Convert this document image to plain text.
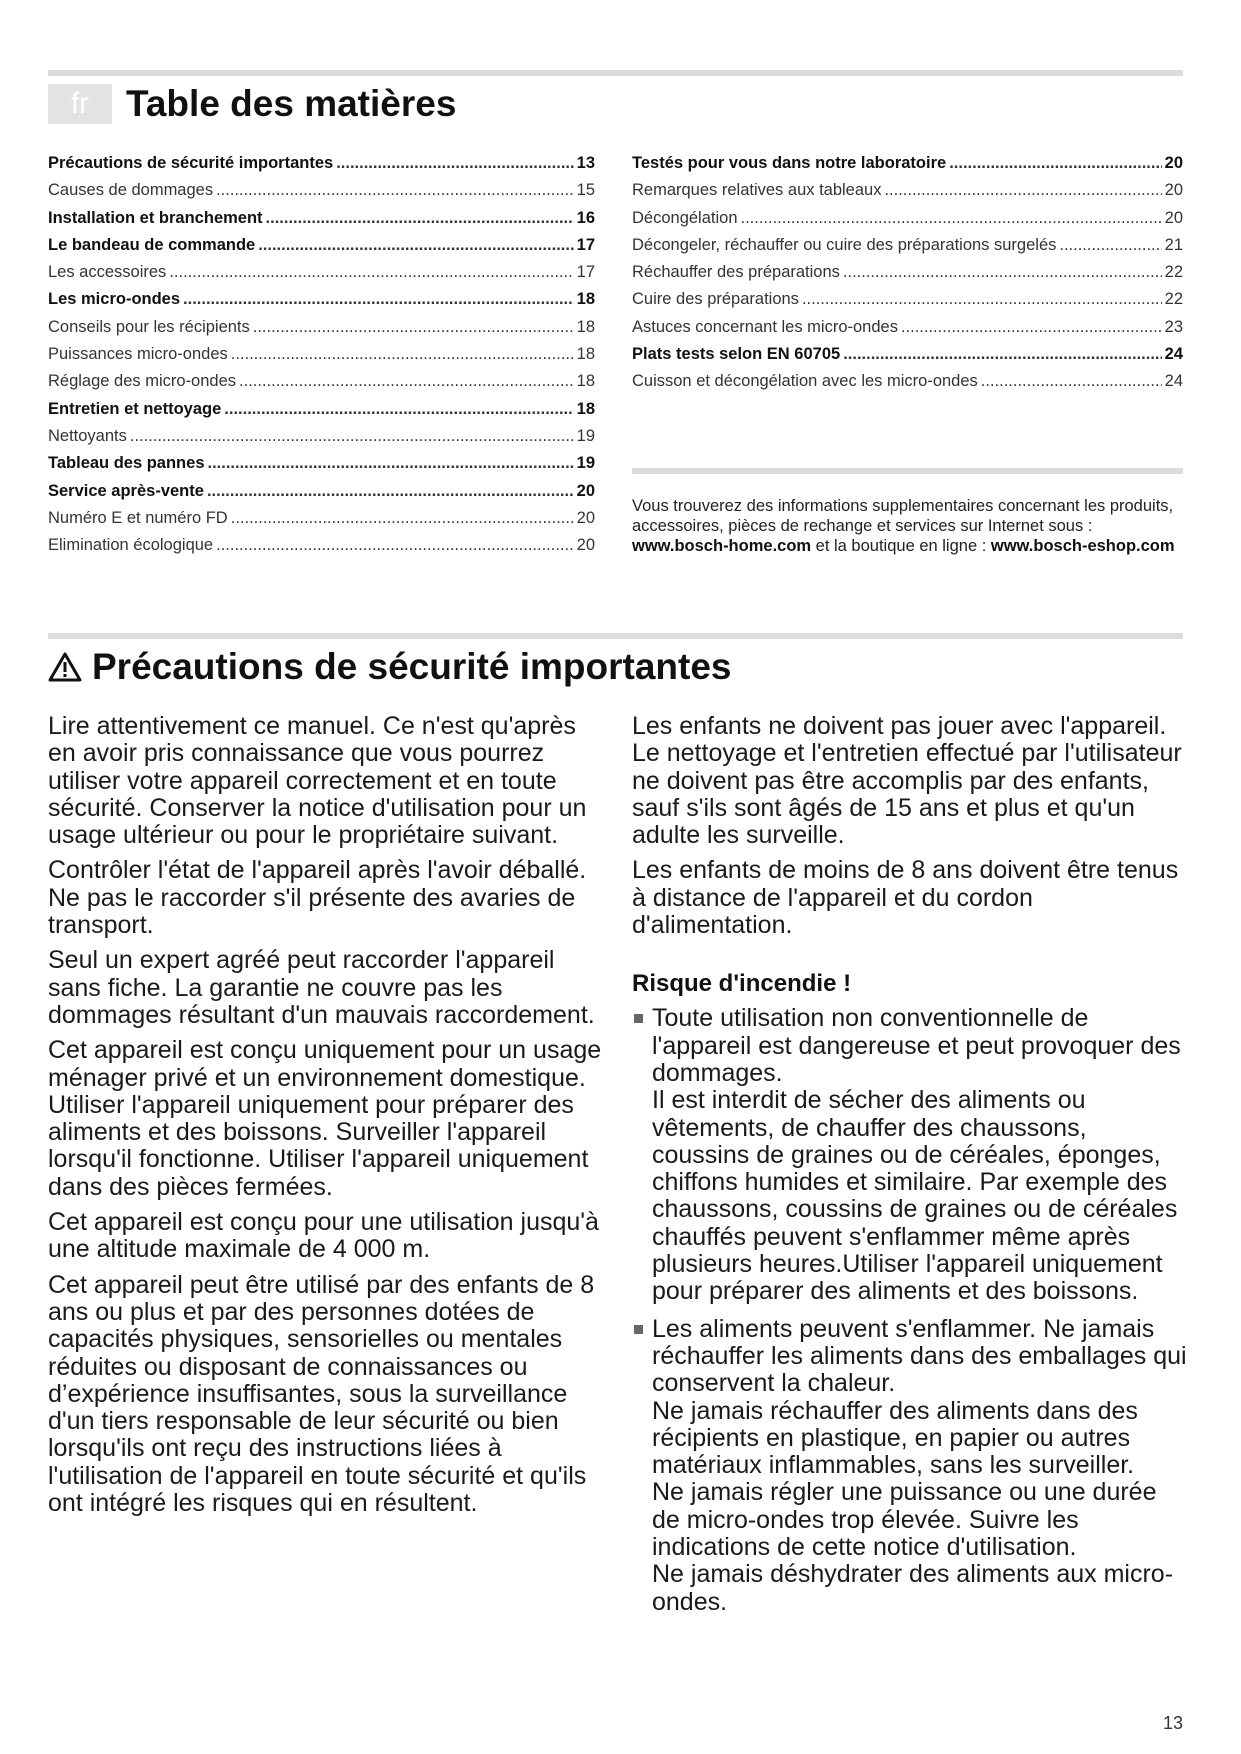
fr Table des matières
Précautions de sécurité importantes .....	13
Causes de dommages .....	15
Installation et branchement .....	16
Le bandeau de commande .....	17
Les accessoires .....	17
Les micro-ondes .....	18
Conseils pour les récipients .....	18
Puissances micro-ondes .....	18
Réglage des micro-ondes .....	18
Entretien et nettoyage .....	18
Nettoyants .....	19
Tableau des pannes .....	19
Service après-vente .....	20
Numéro E et numéro FD .....	20
Elimination écologique .....	20
Testés pour vous dans notre laboratoire .....	20
Remarques relatives aux tableaux .....	20
Décongélation .....	20
Décongeler, réchauffer ou cuire des préparations surgelés .....	21
Réchauffer des préparations .....	22
Cuire des préparations .....	22
Astuces concernant les micro-ondes .....	23
Plats tests selon EN 60705 .....	24
Cuisson et décongélation avec les micro-ondes .....	24

Vous trouverez des informations supplementaires concernant les produits, accessoires, pièces de rechange et services sur Internet sous : www.bosch-home.com et la boutique en ligne : www.bosch-eshop.com

Précautions de sécurité importantes

Lire attentivement ce manuel. Ce n'est qu'après en avoir pris connaissance que vous pourrez utiliser votre appareil correctement et en toute sécurité. Conserver la notice d'utilisation pour un usage ultérieur ou pour le propriétaire suivant.

Contrôler l'état de l'appareil après l'avoir déballé. Ne pas le raccorder s'il présente des avaries de transport.

Seul un expert agréé peut raccorder l'appareil sans fiche. La garantie ne couvre pas les dommages résultant d'un mauvais raccordement.

Cet appareil est conçu uniquement pour un usage ménager privé et un environnement domestique. Utiliser l'appareil uniquement pour préparer des aliments et des boissons. Surveiller l'appareil lorsqu'il fonctionne. Utiliser l'appareil uniquement dans des pièces fermées.

Cet appareil est conçu pour une utilisation jusqu'à une altitude maximale de 4 000 m.

Cet appareil peut être utilisé par des enfants de 8 ans ou plus et par des personnes dotées de capacités physiques, sensorielles ou mentales réduites ou disposant de connaissances ou d’expérience insuffisantes, sous la surveillance d'un tiers responsable de leur sécurité ou bien lorsqu'ils ont reçu des instructions liées à l'utilisation de l'appareil en toute sécurité et qu'ils ont intégré les risques qui en résultent.

Les enfants ne doivent pas jouer avec l'appareil. Le nettoyage et l'entretien effectué par l'utilisateur ne doivent pas être accomplis par des enfants, sauf s'ils sont âgés de 15 ans et plus et qu'un adulte les surveille.

Les enfants de moins de 8 ans doivent être tenus à distance de l'appareil et du cordon d'alimentation.

Risque d'incendie !
Toute utilisation non conventionnelle de l'appareil est dangereuse et peut provoquer des dommages.
Il est interdit de sécher des aliments ou vêtements, de chauffer des chaussons, coussins de graines ou de céréales, éponges, chiffons humides et similaire. Par exemple des chaussons, coussins de graines ou de céréales chauffés peuvent s'enflammer même après plusieurs heures.Utiliser l'appareil uniquement pour préparer des aliments et des boissons.
Les aliments peuvent s'enflammer. Ne jamais réchauffer les aliments dans des emballages qui conservent la chaleur.
Ne jamais réchauffer des aliments dans des récipients en plastique, en papier ou autres matériaux inflammables, sans les surveiller.
Ne jamais régler une puissance ou une durée de micro-ondes trop élevée. Suivre les indications de cette notice d'utilisation.
Ne jamais déshydrater des aliments aux micro-ondes.
13
